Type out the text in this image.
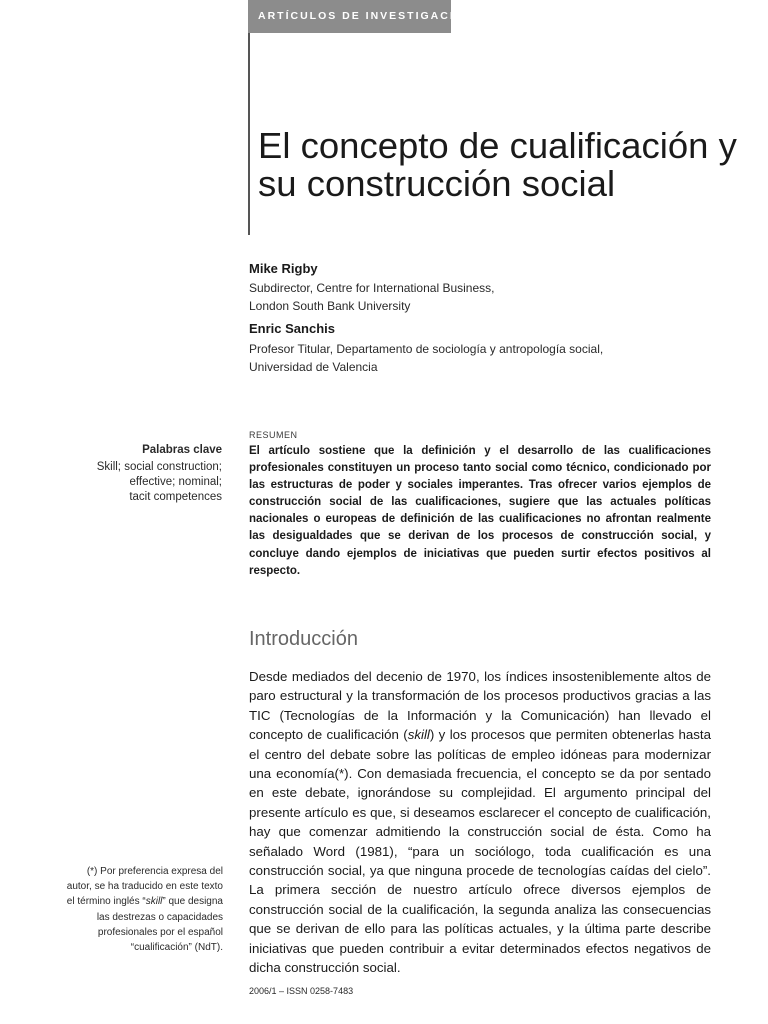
ARTÍCULOS DE INVESTIGACIÓN
El concepto de cualificación y su construcción social
Mike Rigby
Subdirector, Centre for International Business,
London South Bank University
Enric Sanchis
Profesor Titular, Departamento de sociología y antropología social,
Universidad de Valencia
Palabras clave
Skill; social construction;
effective; nominal;
tacit competences
RESUMEN

El artículo sostiene que la definición y el desarrollo de las cualificaciones profesionales constituyen un proceso tanto social como técnico, condicionado por las estructuras de poder y sociales imperantes. Tras ofrecer varios ejemplos de construcción social de las cualificaciones, sugiere que las actuales políticas nacionales o europeas de definición de las cualificaciones no afrontan realmente las desigualdades que se derivan de los procesos de construcción social, y concluye dando ejemplos de iniciativas que pueden surtir efectos positivos al respecto.

Introducción

Desde mediados del decenio de 1970, los índices insosteniblemente altos de paro estructural y la transformación de los procesos productivos gracias a las TIC (Tecnologías de la Información y la Comunicación) han llevado el concepto de cualificación (skill) y los procesos que permiten obtenerlas hasta el centro del debate sobre las políticas de empleo idóneas para modernizar una economía(*). Con demasiada frecuencia, el concepto se da por sentado en este debate, ignorándose su complejidad. El argumento principal del presente artículo es que, si deseamos esclarecer el concepto de cualificación, hay que comenzar admitiendo la construcción social de ésta. Como ha señalado Word (1981), “para un sociólogo, toda cualificación es una construcción social, ya que ninguna procede de tecnologías caídas del cielo”. La primera sección de nuestro artículo ofrece diversos ejemplos de construcción social de la cualificación, la segunda analiza las consecuencias que se derivan de ello para las políticas actuales, y la última parte describe iniciativas que pueden contribuir a evitar determinados efectos negativos de dicha construcción social.

(*) Por preferencia expresa del autor, se ha traducido en este texto el término inglés “skill” que designa las destrezas o capacidades profesionales por el español “cualificación” (NdT).
2006/1 – ISSN 0258-7483
